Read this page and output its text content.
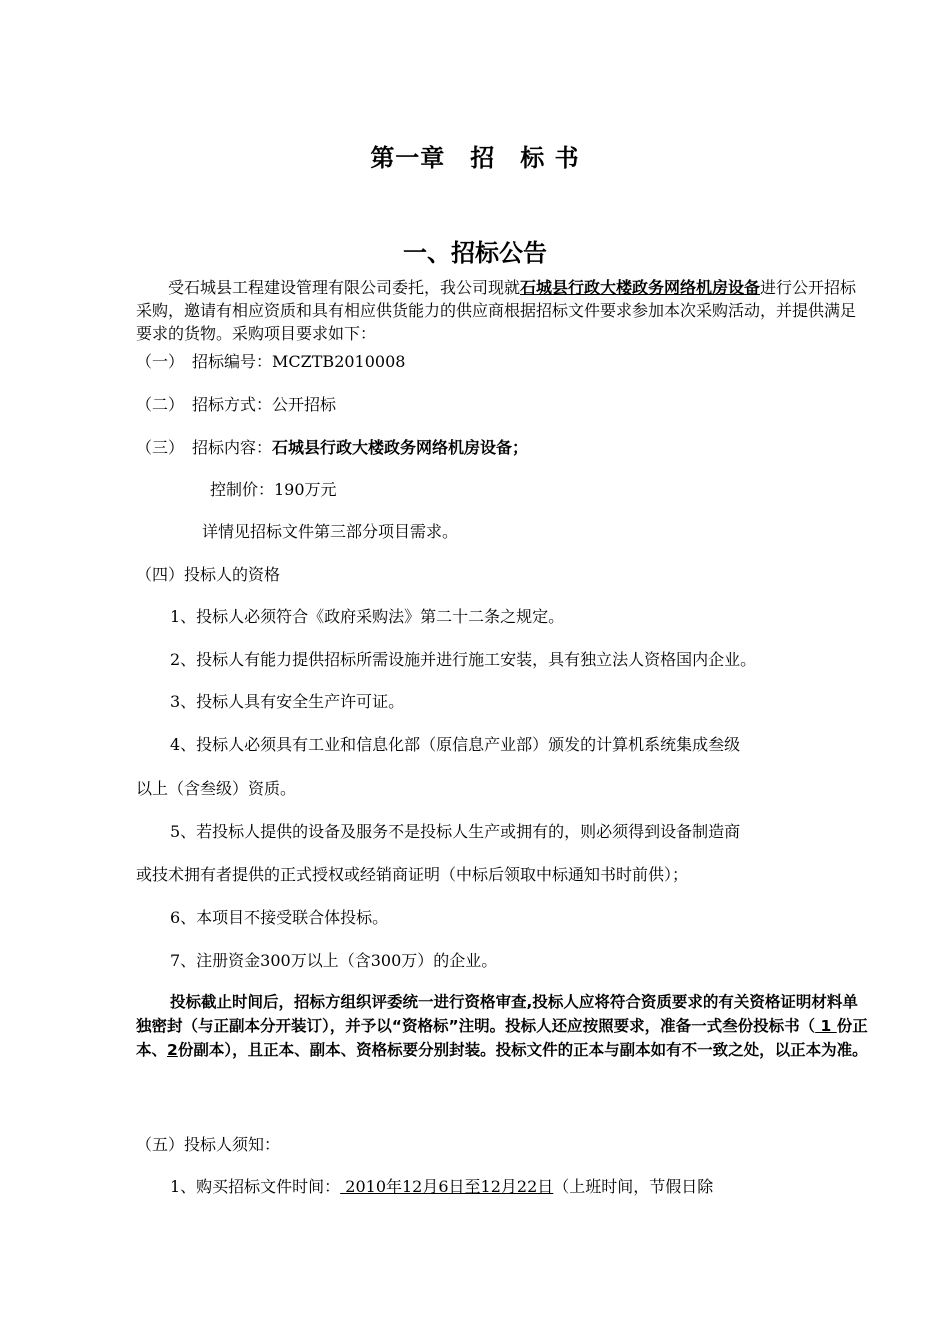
第一章　招　标 书
一、招标公告
受石城县工程建设管理有限公司委托，我公司现就石城县行政大楼政务网络机房设备进行公开招标采购，邀请有相应资质和具有相应供货能力的供应商根据招标文件要求参加本次采购活动，并提供满足要求的货物。采购项目要求如下：
（一）　招标编号：MCZTB2010008
（二）　招标方式：公开招标
（三）　招标内容：石城县行政大楼政务网络机房设备；
控制价：190万元
详情见招标文件第三部分项目需求。
（四）投标人的资格
1、投标人必须符合《政府采购法》第二十二条之规定。
2、投标人有能力提供招标所需设施并进行施工安装，具有独立法人资格国内企业。
3、投标人具有安全生产许可证。
4、投标人必须具有工业和信息化部（原信息产业部）颁发的计算机系统集成叁级
以上（含叁级）资质。
5、若投标人提供的设备及服务不是投标人生产或拥有的，则必须得到设备制造商
或技术拥有者提供的正式授权或经销商证明（中标后领取中标通知书时前供）；
6、本项目不接受联合体投标。
7、注册资金300万以上（含300万）的企业。
投标截止时间后，招标方组织评委统一进行资格审查,投标人应将符合资质要求的有关资格证明材料单独密封（与正副本分开装订），并予以“资格标”注明。投标人还应按照要求，准备一式叁份投标书（ 1 份正本、2份副本），且正本、副本、资格标要分别封装。投标文件的正本与副本如有不一致之处，以正本为准。
（五）投标人须知：
1、购买招标文件时间： 2010年12月6日至12月22日（上班时间，节假日除
